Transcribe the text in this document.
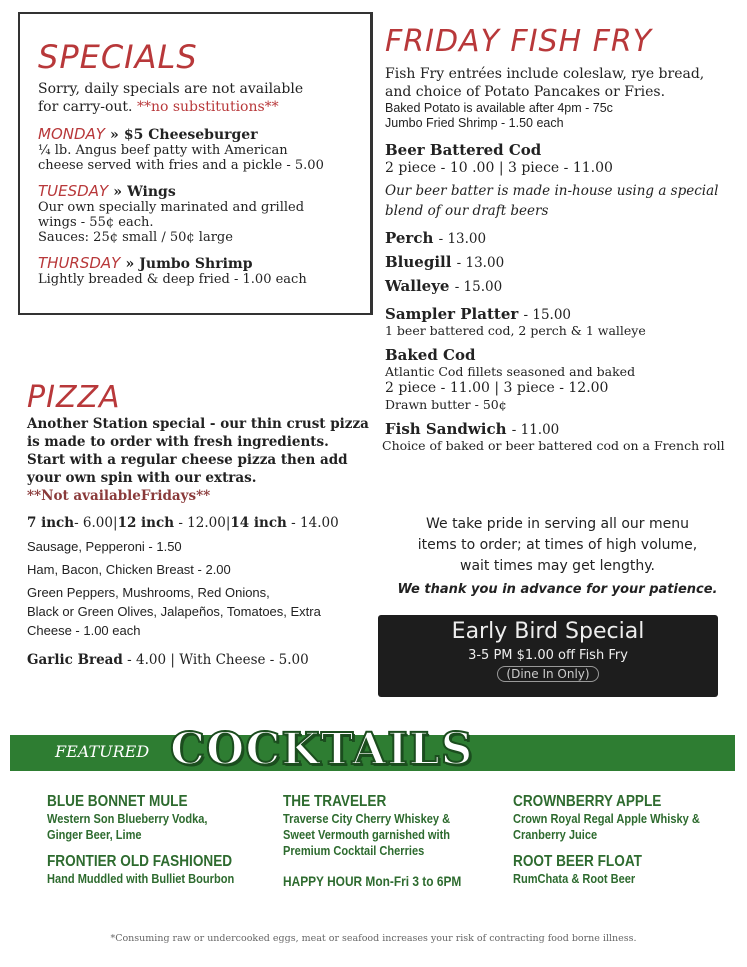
SPECIALS
Sorry, daily specials are not available
for carry-out. **no substitutions**
MONDAY » $5 Cheeseburger
¼ lb. Angus beef patty with American
cheese served with fries and a pickle - 5.00
TUESDAY » Wings
Our own specially marinated and grilled
wings - 55¢ each.
Sauces: 25¢ small / 50¢ large
THURSDAY » Jumbo Shrimp
Lightly breaded & deep fried - 1.00 each
PIZZA
Another Station special - our thin crust pizza
is made to order with fresh ingredients.
Start with a regular cheese pizza then add
your own spin with our extras.
**Not availableFridays**
7 inch- 6.00|12 inch - 12.00|14 inch - 14.00
Sausage, Pepperoni - 1.50
Ham, Bacon, Chicken Breast - 2.00
Green Peppers, Mushrooms, Red Onions,
Black or Green Olives, Jalapeños, Tomatoes, Extra
Cheese - 1.00 each
Garlic Bread - 4.00 | With Cheese - 5.00
FRIDAY FISH FRY
Fish Fry entrées include coleslaw, rye bread,
and choice of Potato Pancakes or Fries.
Baked Potato is available after 4pm - 75c
Jumbo Fried Shrimp - 1.50 each
Beer Battered Cod
2 piece - 10 .00 | 3 piece - 11.00
Our beer batter is made in-house using a special
blend of our draft beers
Perch - 13.00
Bluegill - 13.00
Walleye - 15.00
Sampler Platter - 15.00
1 beer battered cod, 2 perch & 1 walleye
Baked Cod
Atlantic Cod fillets seasoned and baked
2 piece - 11.00 | 3 piece - 12.00
Drawn butter - 50¢
Fish Sandwich - 11.00
Choice of baked or beer battered cod on a French roll
We take pride in serving all our menu
items to order; at times of high volume,
wait times may get lengthy.
We thank you in advance for your patience.
Early Bird Special
3-5 PM $1.00 off Fish Fry
(Dine In Only)
FEATURED COCKTAILS
BLUE BONNET MULE
Western Son Blueberry Vodka,
Ginger Beer, Lime
FRONTIER OLD FASHIONED
Hand Muddled with Bulliet Bourbon
THE TRAVELER
Traverse City Cherry Whiskey &
Sweet Vermouth garnished with
Premium Cocktail Cherries
HAPPY HOUR Mon-Fri 3 to 6PM
CROWNBERRY APPLE
Crown Royal Regal Apple Whisky &
Cranberry Juice
ROOT BEER FLOAT
RumChata & Root Beer
*Consuming raw or undercooked eggs, meat or seafood increases your risk of contracting food borne illness.
